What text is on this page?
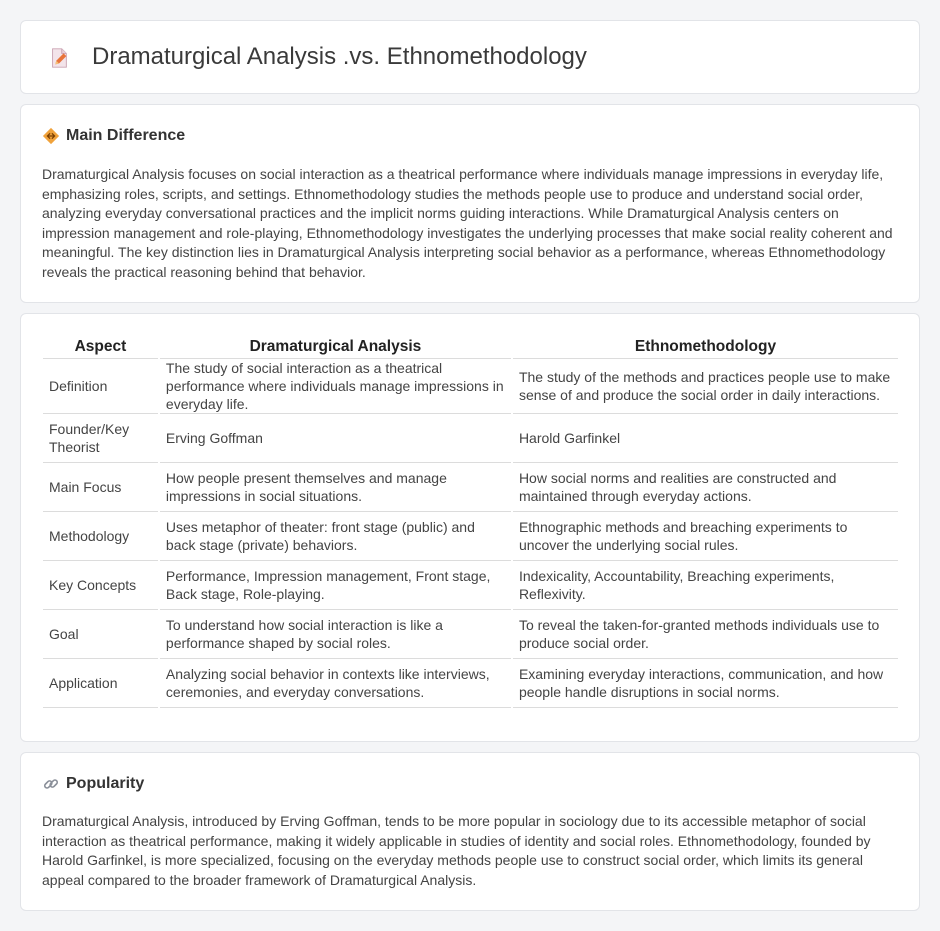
Dramaturgical Analysis .vs. Ethnomethodology
Main Difference

Dramaturgical Analysis focuses on social interaction as a theatrical performance where individuals manage impressions in everyday life, emphasizing roles, scripts, and settings. Ethnomethodology studies the methods people use to produce and understand social order, analyzing everyday conversational practices and the implicit norms guiding interactions. While Dramaturgical Analysis centers on impression management and role-playing, Ethnomethodology investigates the underlying processes that make social reality coherent and meaningful. The key distinction lies in Dramaturgical Analysis interpreting social behavior as a performance, whereas Ethnomethodology reveals the practical reasoning behind that behavior.

Aspect	Dramaturgical Analysis	Ethnomethodology
Definition	The study of social interaction as a theatrical performance where individuals manage impressions in everyday life.	The study of the methods and practices people use to make sense of and produce the social order in daily interactions.
Founder/Key Theorist	Erving Goffman	Harold Garfinkel
Main Focus	How people present themselves and manage impressions in social situations.	How social norms and realities are constructed and maintained through everyday actions.
Methodology	Uses metaphor of theater: front stage (public) and back stage (private) behaviors.	Ethnographic methods and breaching experiments to uncover the underlying social rules.
Key Concepts	Performance, Impression management, Front stage, Back stage, Role-playing.	Indexicality, Accountability, Breaching experiments, Reflexivity.
Goal	To understand how social interaction is like a performance shaped by social roles.	To reveal the taken-for-granted methods individuals use to produce social order.
Application	Analyzing social behavior in contexts like interviews, ceremonies, and everyday conversations.	Examining everyday interactions, communication, and how people handle disruptions in social norms.
Popularity

Dramaturgical Analysis, introduced by Erving Goffman, tends to be more popular in sociology due to its accessible metaphor of social interaction as theatrical performance, making it widely applicable in studies of identity and social roles. Ethnomethodology, founded by Harold Garfinkel, is more specialized, focusing on the everyday methods people use to construct social order, which limits its general appeal compared to the broader framework of Dramaturgical Analysis.
